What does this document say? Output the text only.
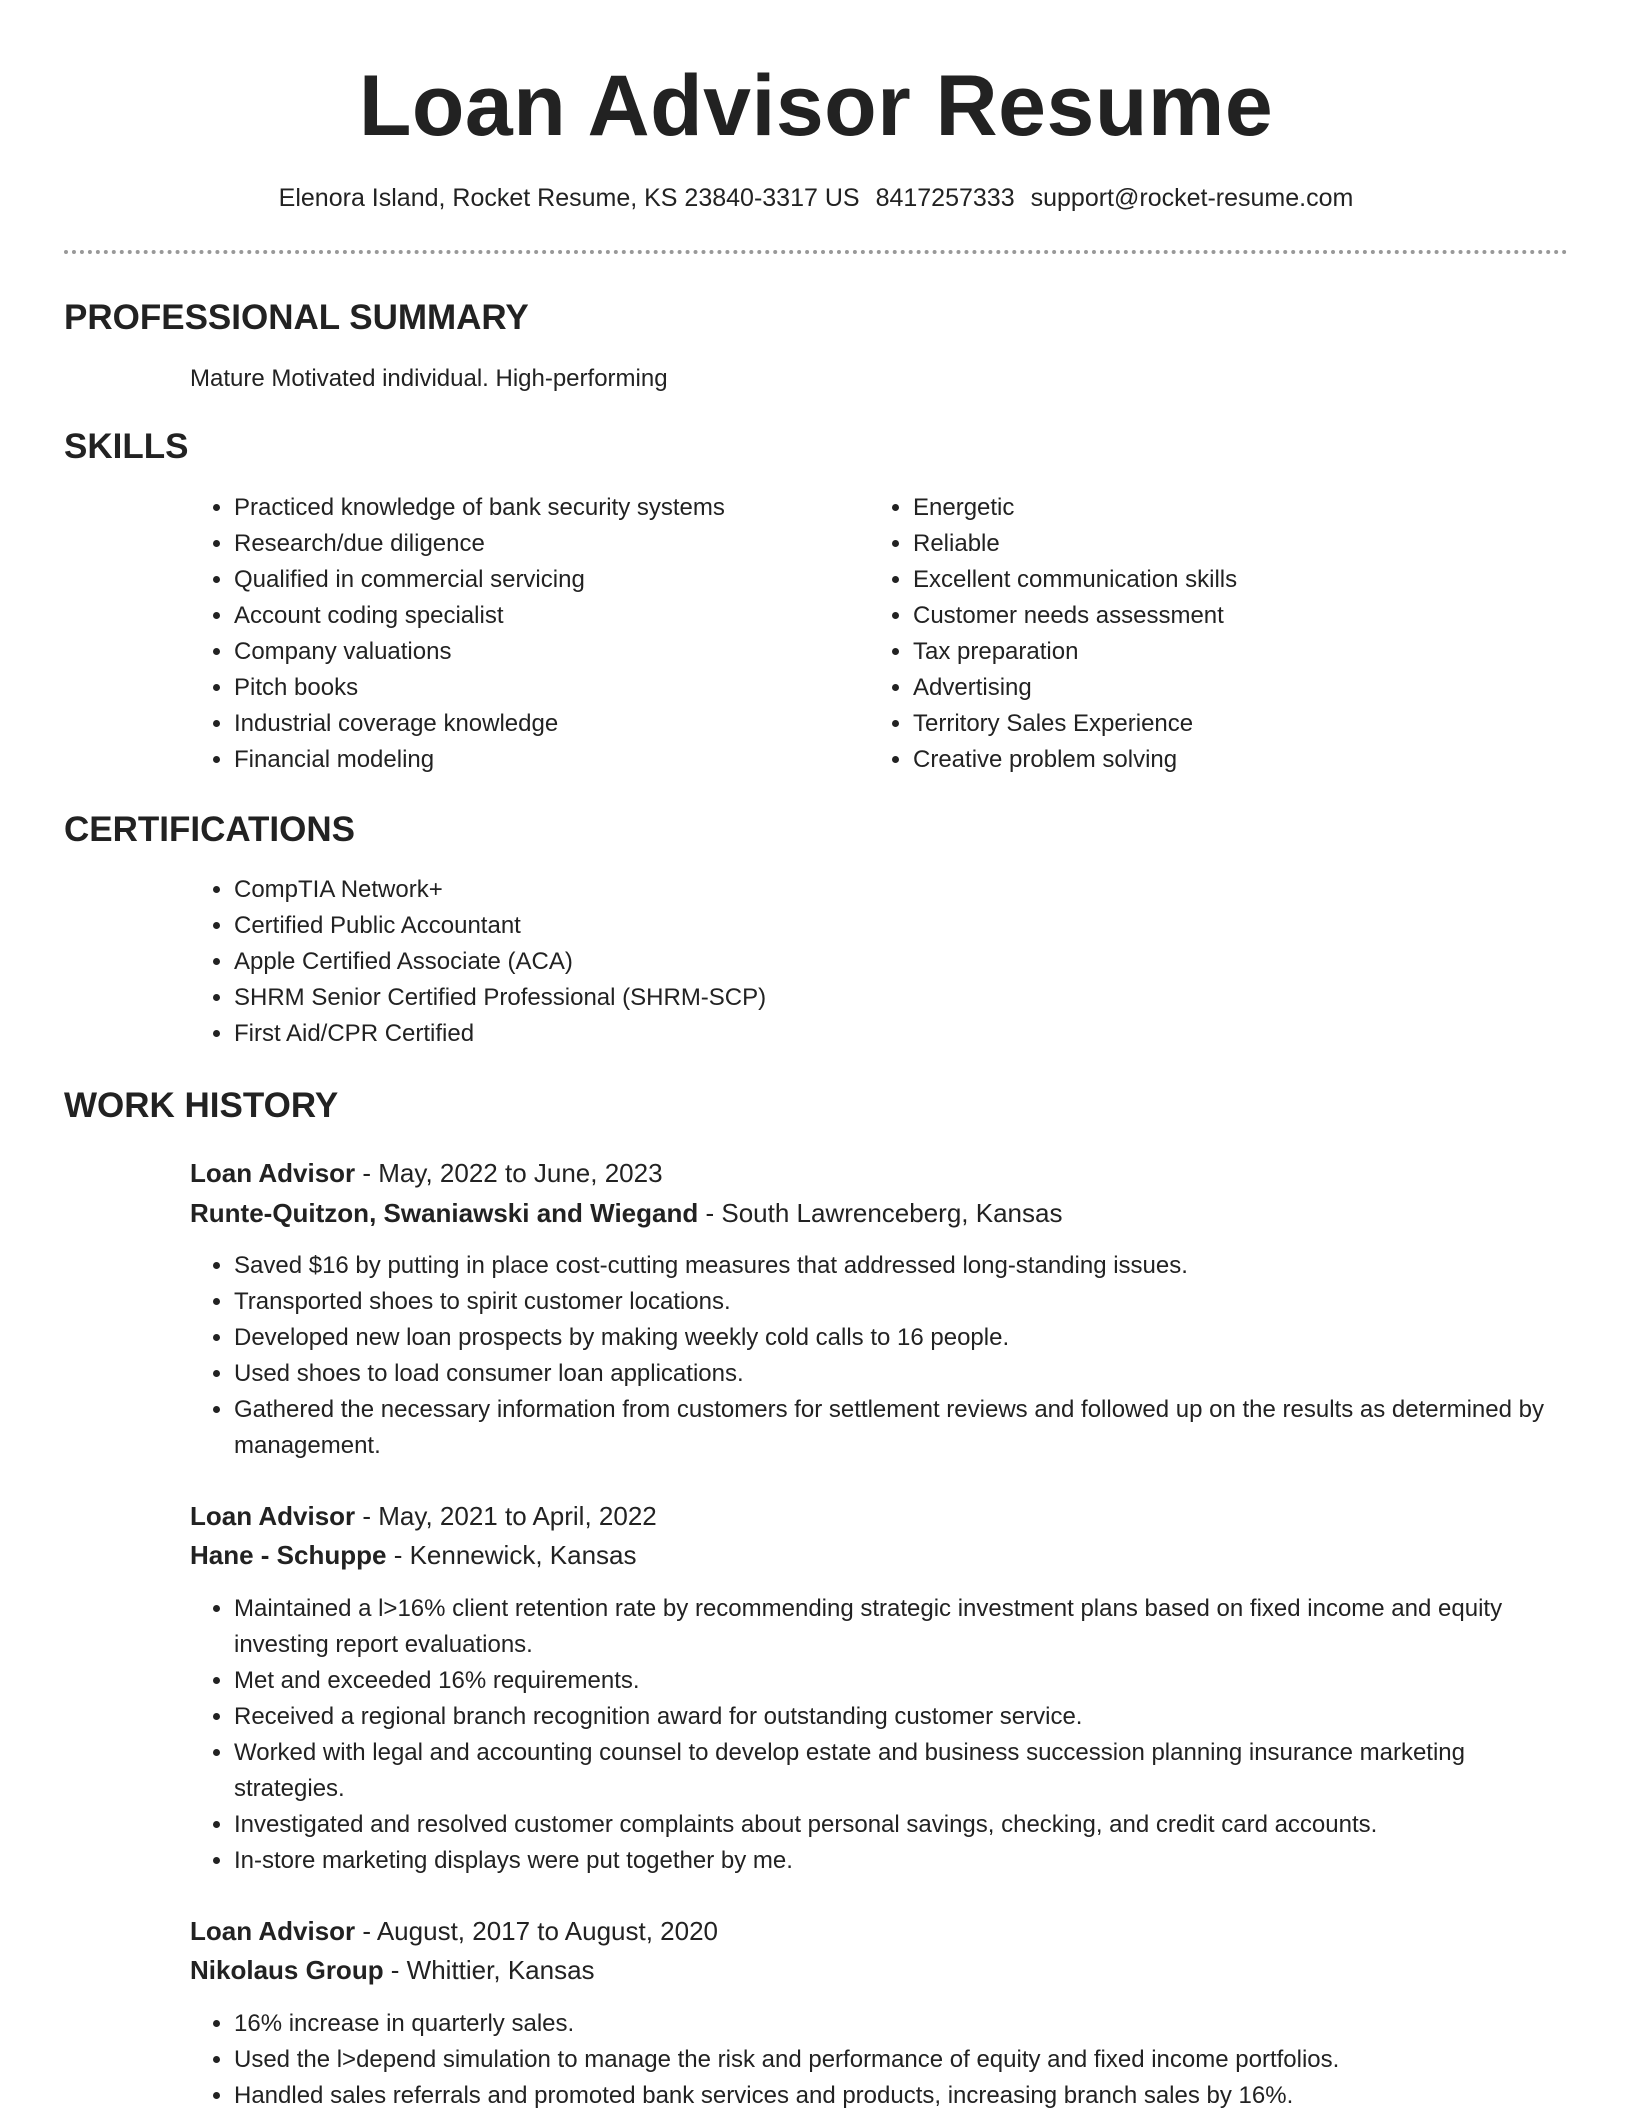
Loan Advisor Resume
Elenora Island, Rocket Resume, KS 23840-3317 US 8417257333 support@rocket-resume.com
PROFESSIONAL SUMMARY

Mature Motivated individual. High-performing

SKILLS
• Practiced knowledge of bank security systems
• Research/due diligence
• Qualified in commercial servicing
• Account coding specialist
• Company valuations
• Pitch books
• Industrial coverage knowledge
• Financial modeling
• Energetic
• Reliable
• Excellent communication skills
• Customer needs assessment
• Tax preparation
• Advertising
• Territory Sales Experience
• Creative problem solving
CERTIFICATIONS
• CompTIA Network+
• Certified Public Accountant
• Apple Certified Associate (ACA)
• SHRM Senior Certified Professional (SHRM-SCP)
• First Aid/CPR Certified
WORK HISTORY

Loan Advisor - May, 2022 to June, 2023

Runte-Quitzon, Swaniawski and Wiegand - South Lawrenceberg, Kansas

• Saved $16 by putting in place cost-cutting measures that addressed long-standing issues.
• Transported shoes to spirit customer locations.
• Developed new loan prospects by making weekly cold calls to 16 people.
• Used shoes to load consumer loan applications.
• Gathered the necessary information from customers for settlement reviews and followed up on the results as determined by management.

Loan Advisor - May, 2021 to April, 2022

Hane - Schuppe - Kennewick, Kansas

• Maintained a l>16% client retention rate by recommending strategic investment plans based on fixed income and equity investing report evaluations.
• Met and exceeded 16% requirements.
• Received a regional branch recognition award for outstanding customer service.
• Worked with legal and accounting counsel to develop estate and business succession planning insurance marketing strategies.
• Investigated and resolved customer complaints about personal savings, checking, and credit card accounts.
• In-store marketing displays were put together by me.

Loan Advisor - August, 2017 to August, 2020

Nikolaus Group - Whittier, Kansas

• 16% increase in quarterly sales.
• Used the l>depend simulation to manage the risk and performance of equity and fixed income portfolios.
• Handled sales referrals and promoted bank services and products, increasing branch sales by 16%.
